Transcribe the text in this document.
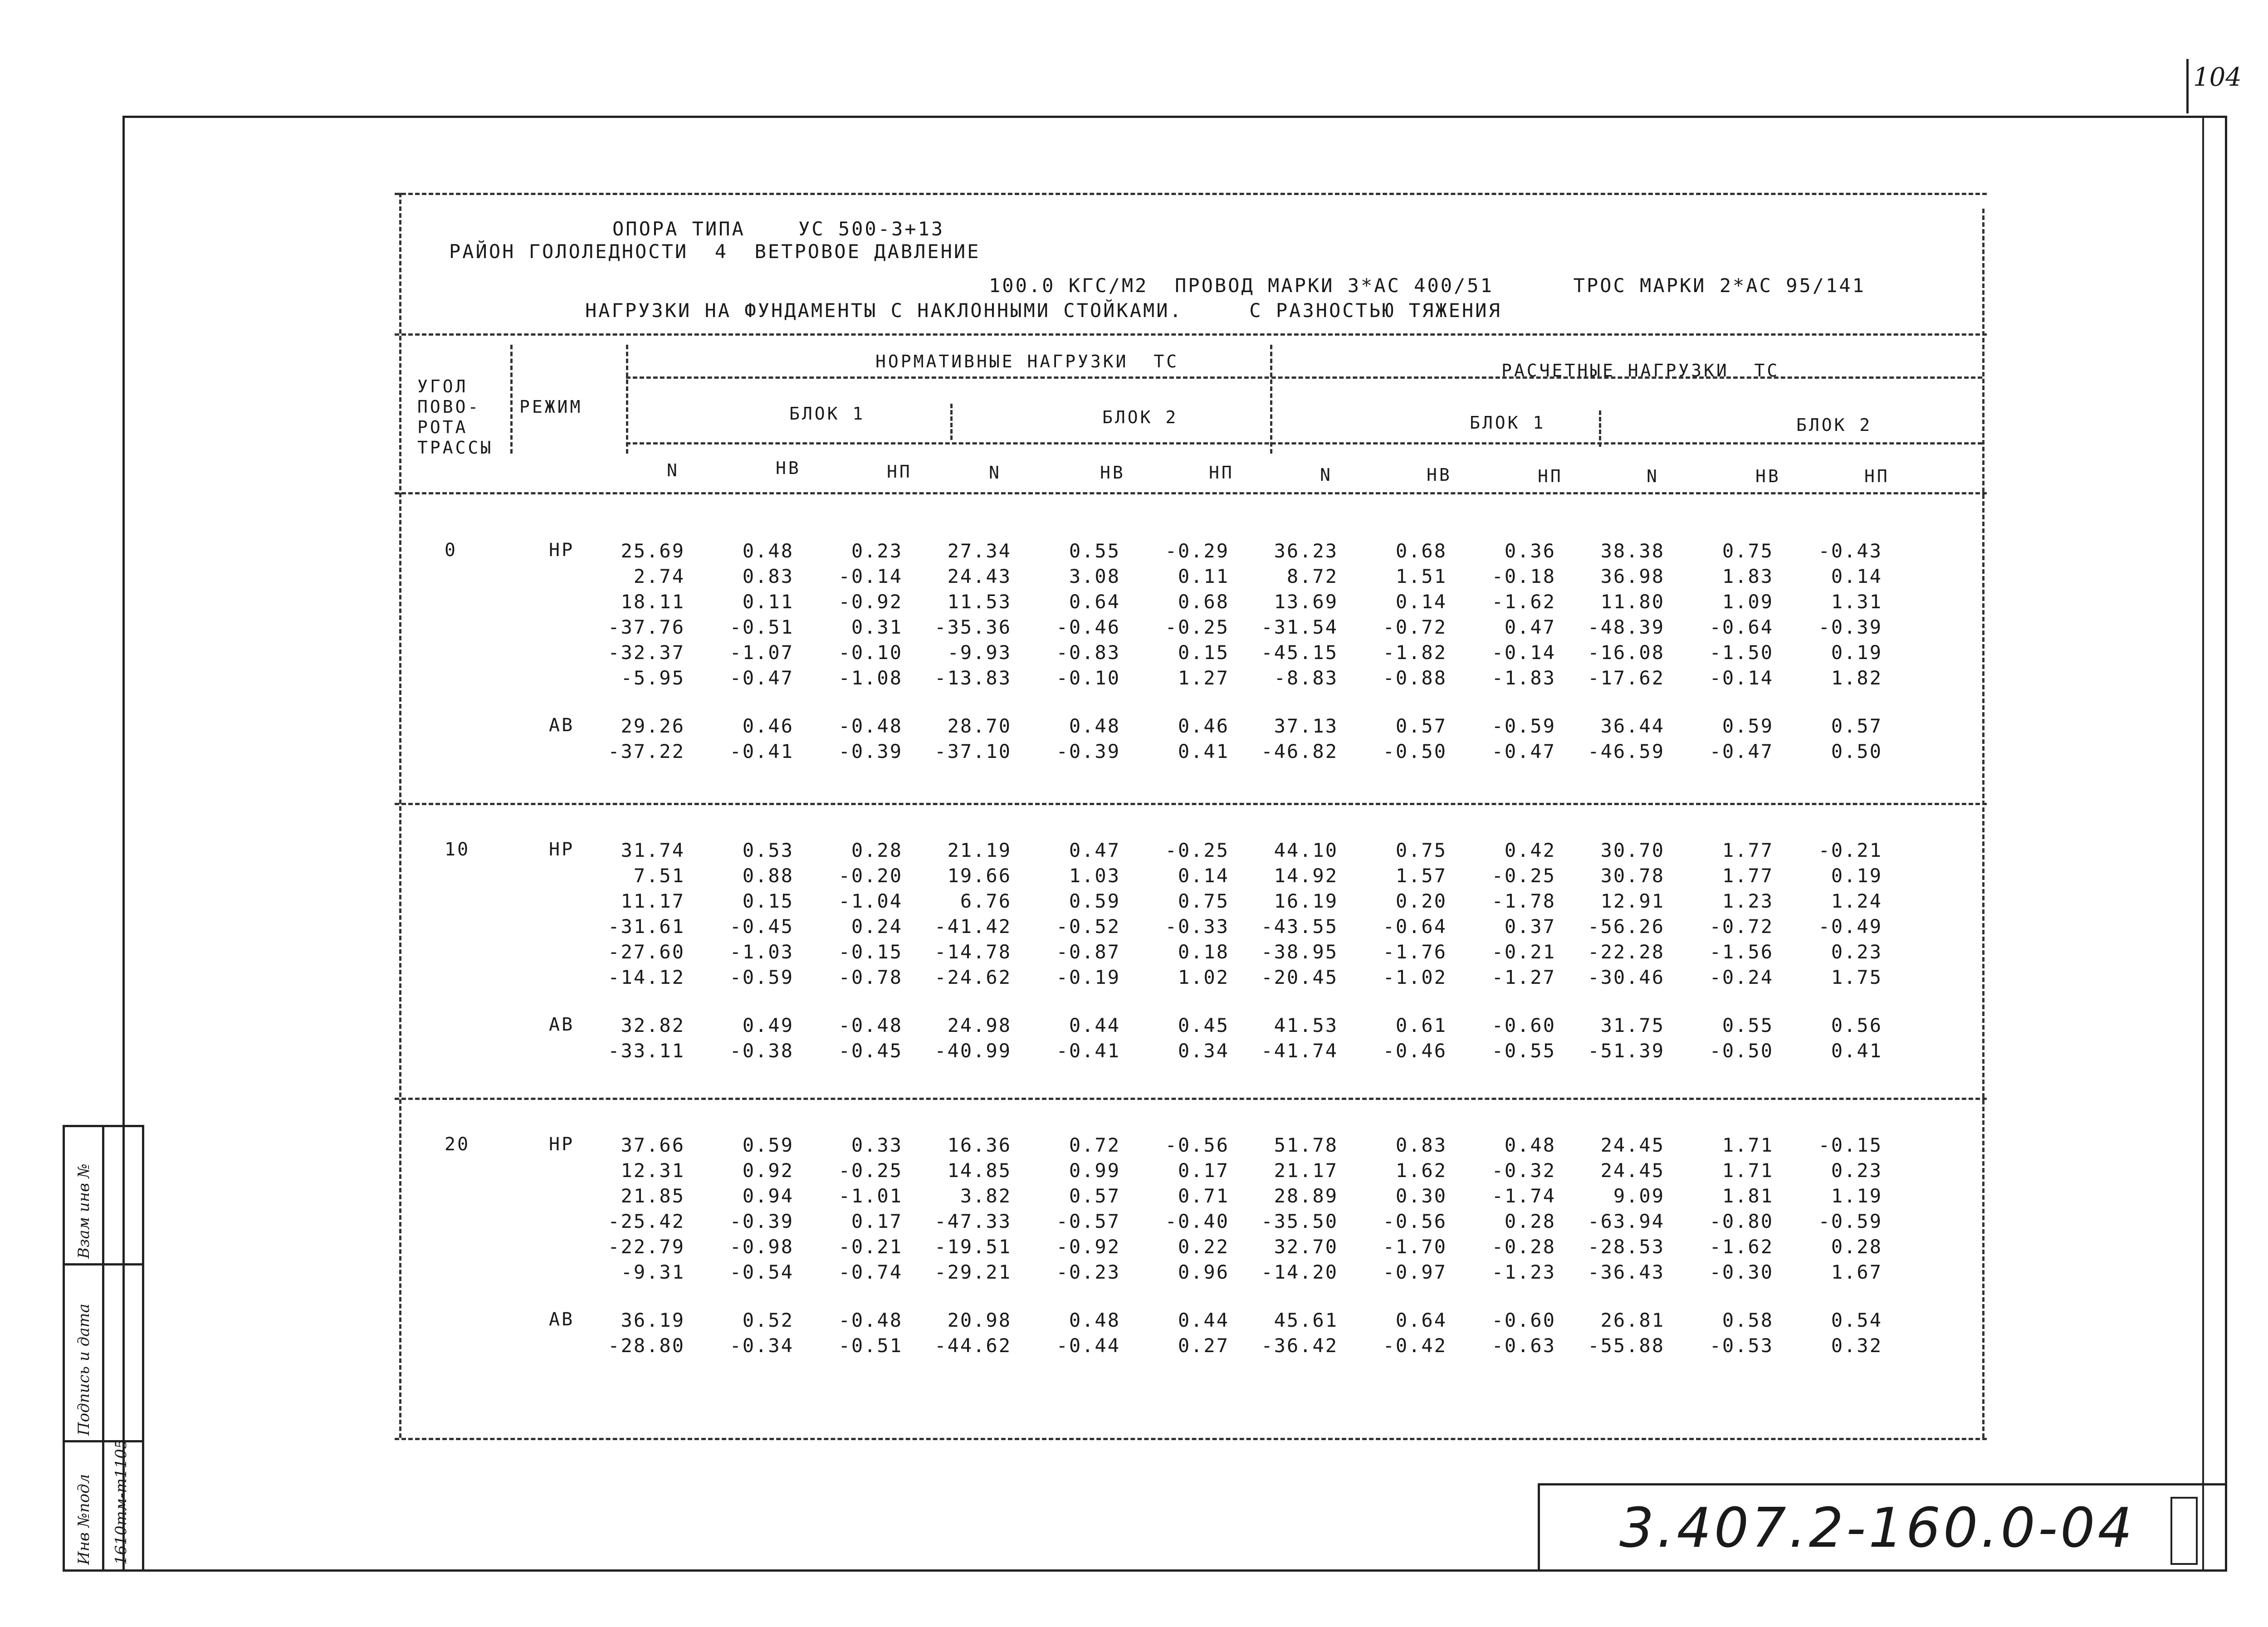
104
ОПОРА ТИПА    УС 500-3+13
РАЙОН ГОЛОЛЕДНОСТИ  4  ВЕТРОВОЕ ДАВЛЕНИЕ
100.0 КГС/М2  ПРОВОД МАРКИ 3*АС 400/51      ТРОС МАРКИ 2*АС 95/141
НАГРУЗКИ НА ФУНДАМЕНТЫ С НАКЛОННЫМИ СТОЙКАМИ.     С РАЗНОСТЬЮ ТЯЖЕНИЯ
УГОЛ
ПОВО-
РОТА
ТРАССЫ
РЕЖИМ
НОРМАТИВНЫЕ НАГРУЗКИ  ТС	РАСЧЕТНЫЕ НАГРУЗКИ  ТС
БЛОК 1	БЛОК 2	БЛОК 1	БЛОК 2
N	НВ	НП	N	НВ	НП	N	НВ	НП	N	НВ	НП
0	НР	25.69	0.48	0.23	27.34	0.55	-0.29	36.23	0.68	0.36	38.38	0.75	-0.43
2.74	0.83	-0.14	24.43	3.08	0.11	8.72	1.51	-0.18	36.98	1.83	0.14
18.11	0.11	-0.92	11.53	0.64	0.68	13.69	0.14	-1.62	11.80	1.09	1.31
-37.76	-0.51	0.31	-35.36	-0.46	-0.25	-31.54	-0.72	0.47	-48.39	-0.64	-0.39
-32.37	-1.07	-0.10	-9.93	-0.83	0.15	-45.15	-1.82	-0.14	-16.08	-1.50	0.19
-5.95	-0.47	-1.08	-13.83	-0.10	1.27	-8.83	-0.88	-1.83	-17.62	-0.14	1.82
АВ	29.26	0.46	-0.48	28.70	0.48	0.46	37.13	0.57	-0.59	36.44	0.59	0.57
-37.22	-0.41	-0.39	-37.10	-0.39	0.41	-46.82	-0.50	-0.47	-46.59	-0.47	0.50
10	НР	31.74	0.53	0.28	21.19	0.47	-0.25	44.10	0.75	0.42	30.70	1.77	-0.21
7.51	0.88	-0.20	19.66	1.03	0.14	14.92	1.57	-0.25	30.78	1.77	0.19
11.17	0.15	-1.04	6.76	0.59	0.75	16.19	0.20	-1.78	12.91	1.23	1.24
-31.61	-0.45	0.24	-41.42	-0.52	-0.33	-43.55	-0.64	0.37	-56.26	-0.72	-0.49
-27.60	-1.03	-0.15	-14.78	-0.87	0.18	-38.95	-1.76	-0.21	-22.28	-1.56	0.23
-14.12	-0.59	-0.78	-24.62	-0.19	1.02	-20.45	-1.02	-1.27	-30.46	-0.24	1.75
АВ	32.82	0.49	-0.48	24.98	0.44	0.45	41.53	0.61	-0.60	31.75	0.55	0.56
-33.11	-0.38	-0.45	-40.99	-0.41	0.34	-41.74	-0.46	-0.55	-51.39	-0.50	0.41
20	НР	37.66	0.59	0.33	16.36	0.72	-0.56	51.78	0.83	0.48	24.45	1.71	-0.15
12.31	0.92	-0.25	14.85	0.99	0.17	21.17	1.62	-0.32	24.45	1.71	0.23
21.85	0.94	-1.01	3.82	0.57	0.71	28.89	0.30	-1.74	9.09	1.81	1.19
-25.42	-0.39	0.17	-47.33	-0.57	-0.40	-35.50	-0.56	0.28	-63.94	-0.80	-0.59
-22.79	-0.98	-0.21	-19.51	-0.92	0.22	32.70	-1.70	-0.28	-28.53	-1.62	0.28
-9.31	-0.54	-0.74	-29.21	-0.23	0.96	-14.20	-0.97	-1.23	-36.43	-0.30	1.67
АВ	36.19	0.52	-0.48	20.98	0.48	0.44	45.61	0.64	-0.60	26.81	0.58	0.54
-28.80	-0.34	-0.51	-44.62	-0.44	0.27	-36.42	-0.42	-0.63	-55.88	-0.53	0.32
3.407.2-160.0-04
Взам инв №
Подпись и дата
Инв №подл 1610тм-т1105
